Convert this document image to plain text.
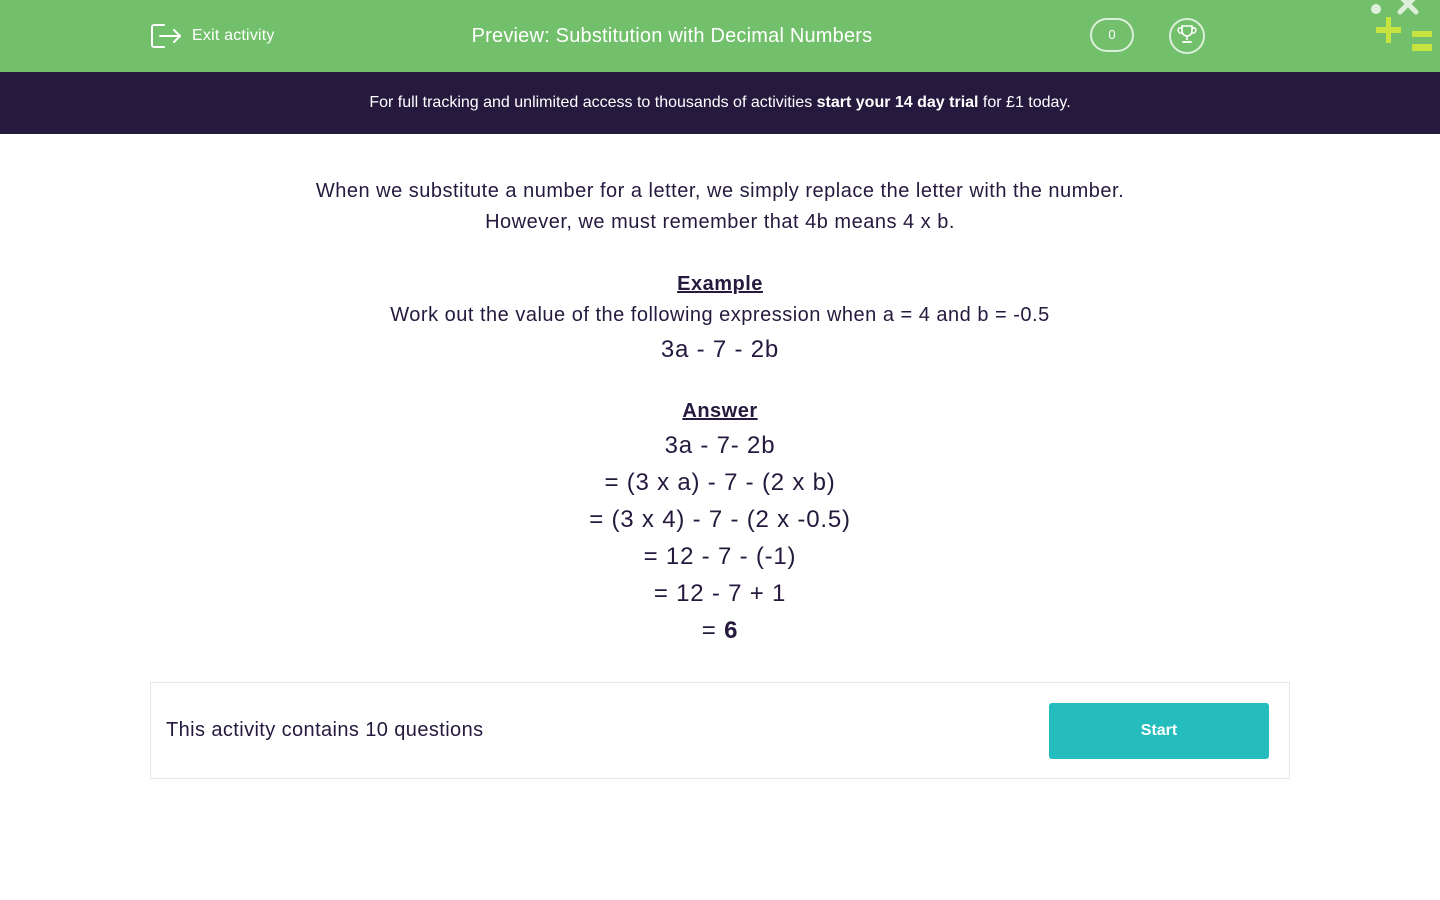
Exit activity	Preview: Substitution with Decimal Numbers	0
For full tracking and unlimited access to thousands of activities start your 14 day trial for £1 today.

When we substitute a number for a letter, we simply replace the letter with the number.

However, we must remember that 4b means 4 x b.

Example

Work out the value of the following expression when a = 4 and b = -0.5

3a - 7 - 2b

Answer

3a - 7- 2b

= (3 x a) - 7 - (2 x b)

= (3 x 4) - 7 - (2 x -0.5)

= 12 - 7 - (-1)

= 12 - 7 + 1

= 6

This activity contains 10 questions	Start
